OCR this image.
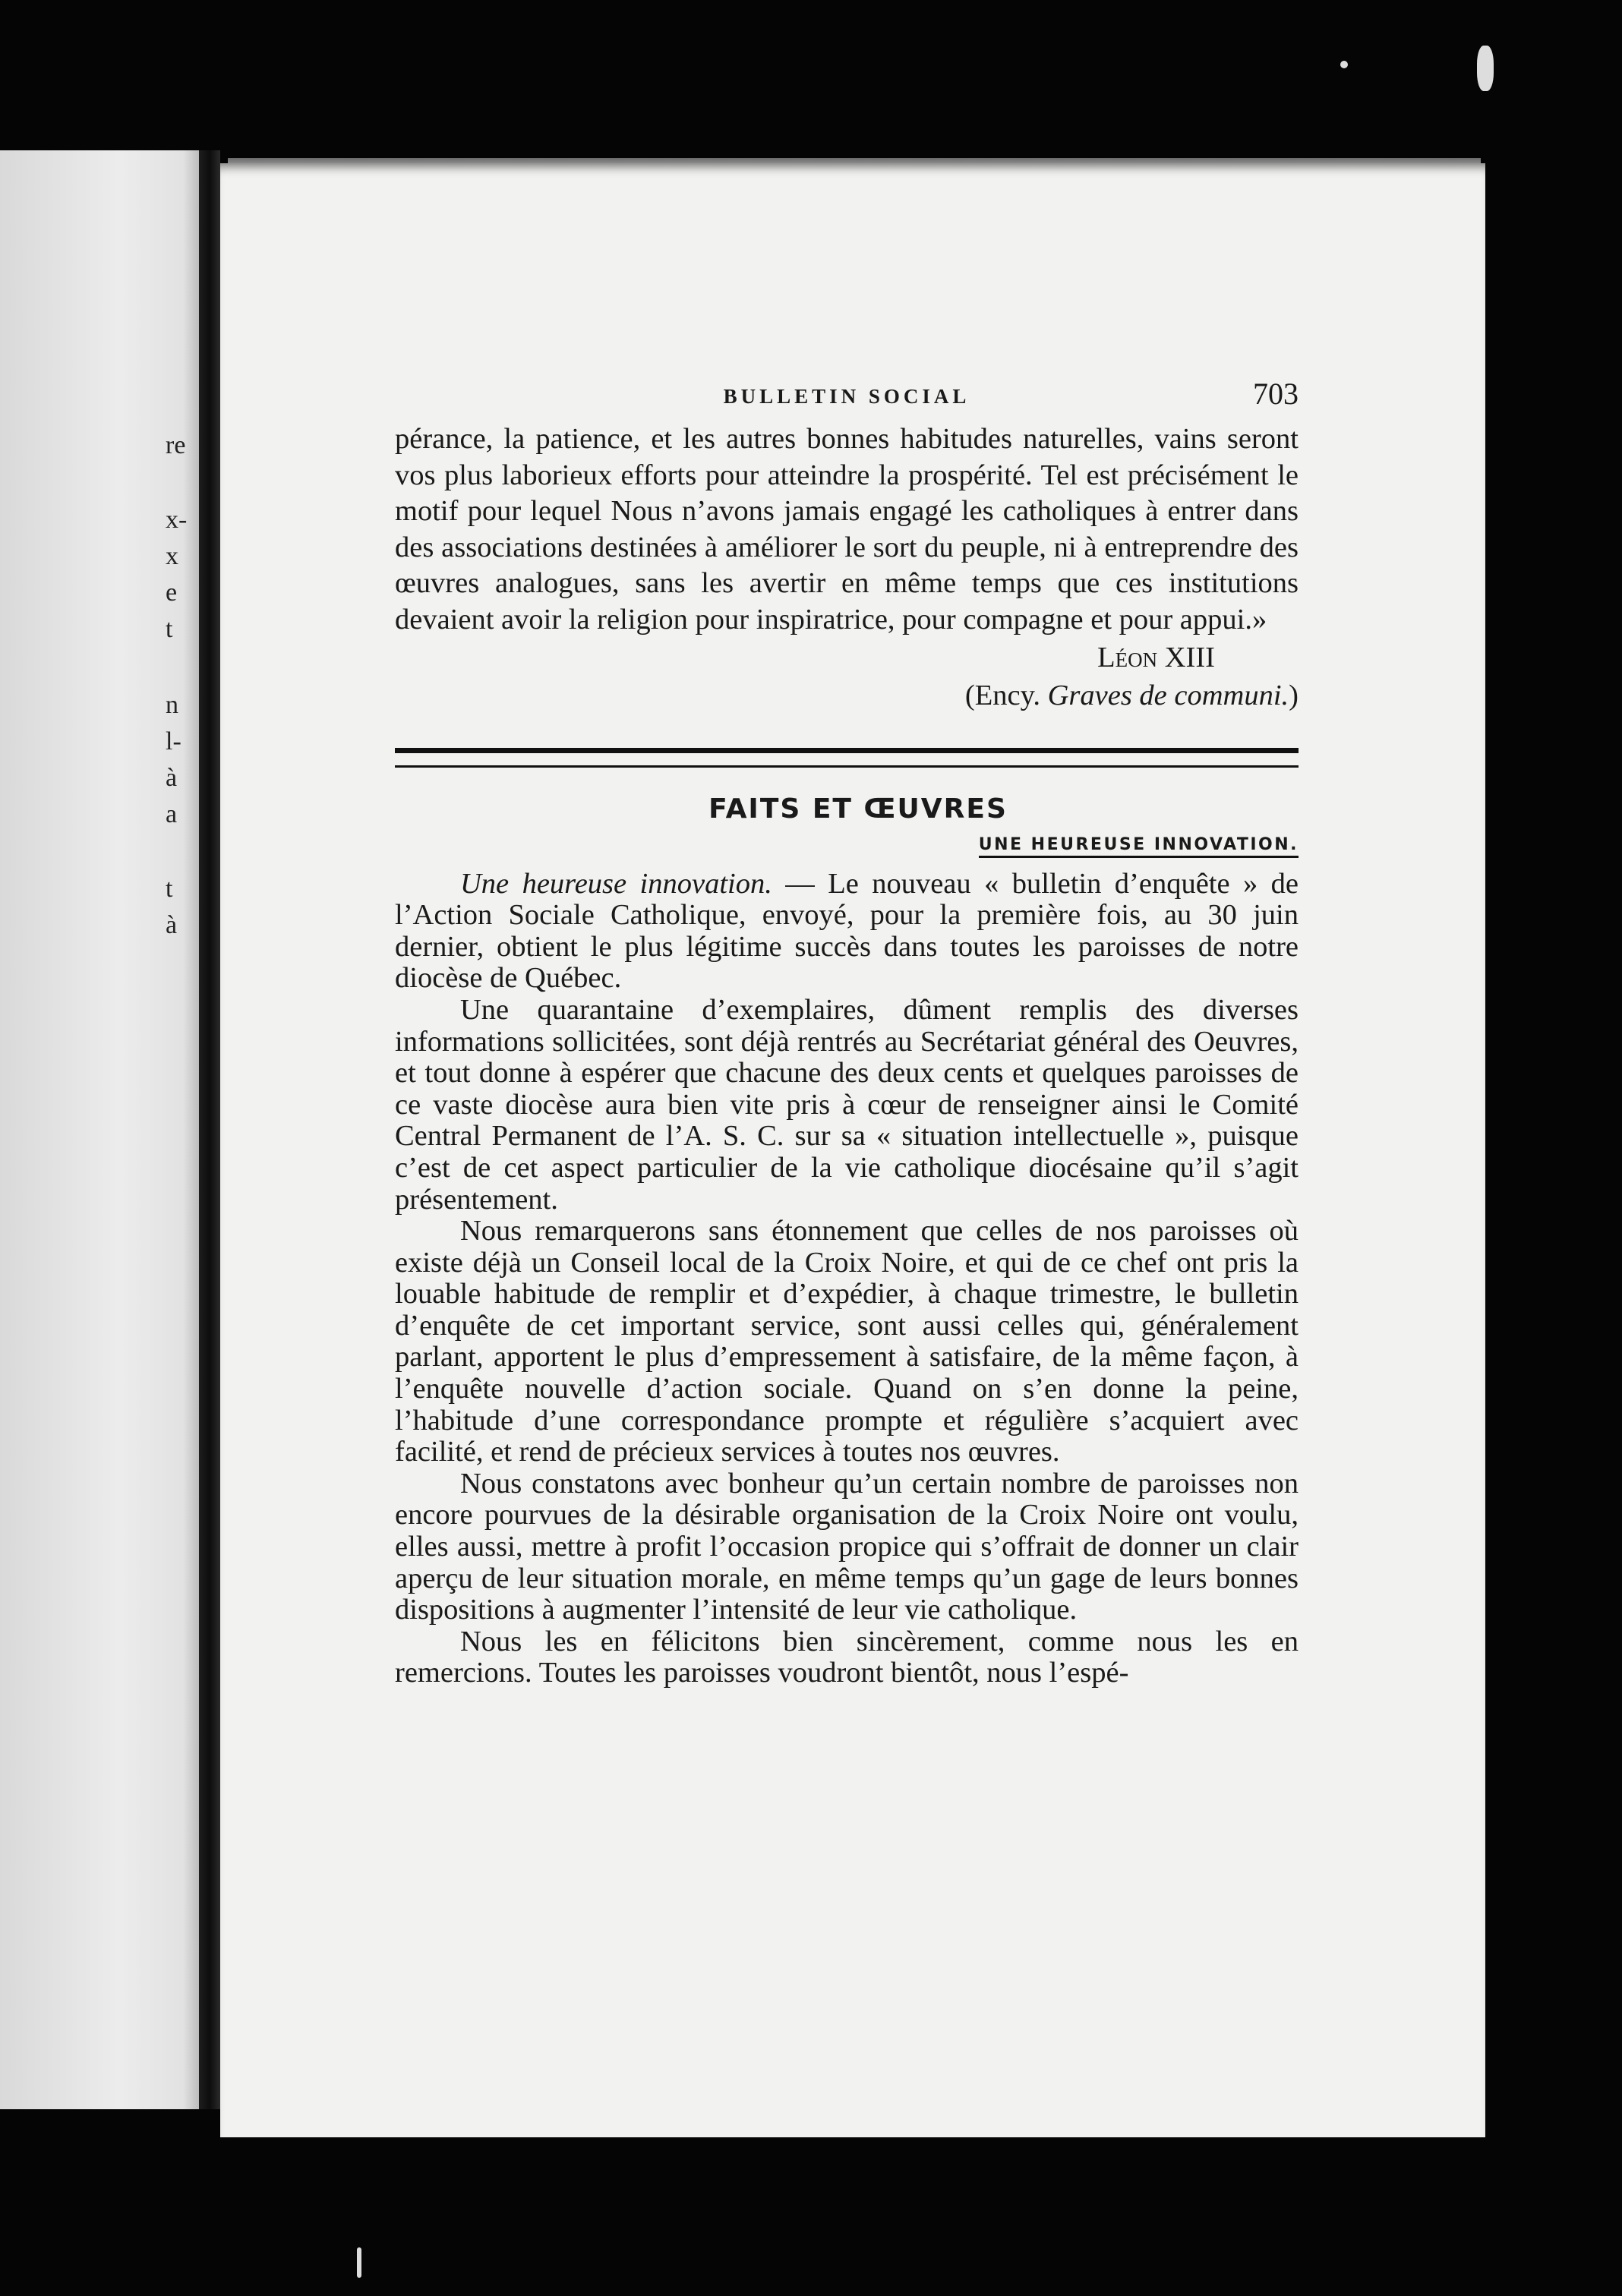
re
x-
x
e
t
n
l-
à
a
t
à
BULLETIN SOCIAL	703

pérance, la patience, et les autres bonnes habitudes naturelles, vains seront vos plus laborieux efforts pour atteindre la prospérité. Tel est précisément le motif pour lequel Nous n’avons jamais engagé les catholiques à entrer dans des associations destinées à améliorer le sort du peuple, ni à entreprendre des œuvres analogues, sans les avertir en même temps que ces institutions devaient avoir la religion pour inspiratrice, pour compagne et pour appui.»

Léon XIII
(Ency. Graves de communi.)
FAITS ET ŒUVRES
UNE HEUREUSE INNOVATION.

Une heureuse innovation. — Le nouveau « bulletin d’enquête » de l’Action Sociale Catholique, envoyé, pour la première fois, au 30 juin dernier, obtient le plus légitime succès dans toutes les paroisses de notre diocèse de Québec.

Une quarantaine d’exemplaires, dûment remplis des diverses informations sollicitées, sont déjà rentrés au Secrétariat général des Oeuvres, et tout donne à espérer que chacune des deux cents et quelques paroisses de ce vaste diocèse aura bien vite pris à cœur de renseigner ainsi le Comité Central Permanent de l’A. S. C. sur sa « situation intellectuelle », puisque c’est de cet aspect particulier de la vie catholique diocésaine qu’il s’agit présentement.

Nous remarquerons sans étonnement que celles de nos paroisses où existe déjà un Conseil local de la Croix Noire, et qui de ce chef ont pris la louable habitude de remplir et d’expédier, à chaque trimestre, le bulletin d’enquête de cet important service, sont aussi celles qui, généralement parlant, apportent le plus d’empressement à satisfaire, de la même façon, à l’enquête nouvelle d’action sociale. Quand on s’en donne la peine, l’habitude d’une correspondance prompte et régulière s’acquiert avec facilité, et rend de précieux services à toutes nos œuvres.

Nous constatons avec bonheur qu’un certain nombre de paroisses non encore pourvues de la désirable organisation de la Croix Noire ont voulu, elles aussi, mettre à profit l’occasion propice qui s’offrait de donner un clair aperçu de leur situation morale, en même temps qu’un gage de leurs bonnes dispositions à augmenter l’intensité de leur vie catholique.

Nous les en félicitons bien sincèrement, comme nous les en remercions. Toutes les paroisses voudront bientôt, nous l’espé-
